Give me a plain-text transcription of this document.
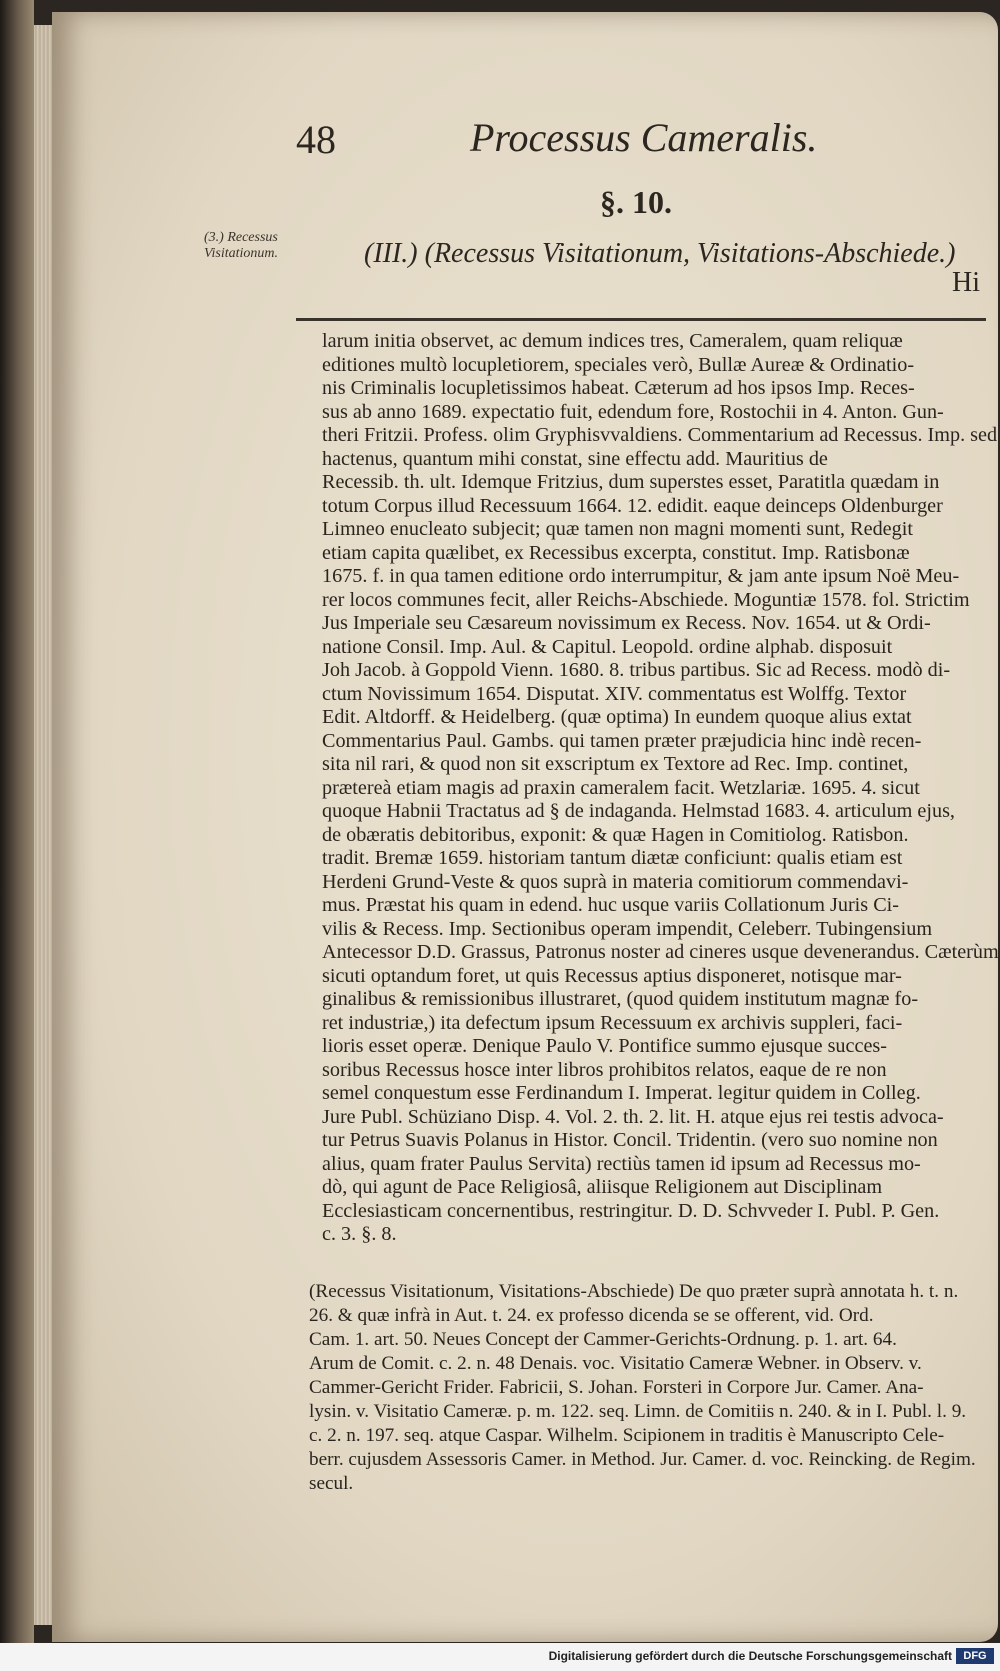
48	Processus Cameralis.
§. 10.
(3.) Recessus Visitationum.	(III.) (Recessus Visitationum, Visitations-Abschiede.)
Hi
larum initia observet, ac demum indices tres, Cameralem, quam reliquæ
editiones multò locupletiorem, speciales verò, Bullæ Aureæ & Ordinatio-
nis Criminalis locupletissimos habeat. Cæterum ad hos ipsos Imp. Reces-
sus ab anno 1689. expectatio fuit, edendum fore, Rostochii in 4. Anton. Gun-
theri Fritzii. Profess. olim Gryphisvvaldiens. Commentarium ad Recessus. Imp. sed
hactenus, quantum mihi constat, sine effectu add. Mauritius de
Recessib. th. ult. Idemque Fritzius, dum superstes esset, Paratitla quædam in
totum Corpus illud Recessuum 1664. 12. edidit. eaque deinceps Oldenburger
Limneo enucleato subjecit; quæ tamen non magni momenti sunt, Redegit
etiam capita quælibet, ex Recessibus excerpta, constitut. Imp. Ratisbonæ
1675. f. in qua tamen editione ordo interrumpitur, & jam ante ipsum Noë Meu-
rer locos communes fecit, aller Reichs-Abschiede. Moguntiæ 1578. fol. Strictim
Jus Imperiale seu Cæsareum novissimum ex Recess. Nov. 1654. ut & Ordi-
natione Consil. Imp. Aul. & Capitul. Leopold. ordine alphab. disposuit
Joh Jacob. à Goppold Vienn. 1680. 8. tribus partibus. Sic ad Recess. modò di-
ctum Novissimum 1654. Disputat. XIV. commentatus est Wolffg. Textor
Edit. Altdorff. & Heidelberg. (quæ optima) In eundem quoque alius extat
Commentarius Paul. Gambs. qui tamen præter præjudicia hinc indè recen-
sita nil rari, & quod non sit exscriptum ex Textore ad Rec. Imp. continet,
prætereà etiam magis ad praxin cameralem facit. Wetzlariæ. 1695. 4. sicut
quoque Habnii Tractatus ad § de indaganda. Helmstad 1683. 4. articulum ejus,
de obæratis debitoribus, exponit: & quæ Hagen in Comitiolog. Ratisbon.
tradit. Bremæ 1659. historiam tantum diætæ conficiunt: qualis etiam est
Herdeni Grund-Veste & quos suprà in materia comitiorum commendavi-
mus. Præstat his quam in edend. huc usque variis Collationum Juris Ci-
vilis & Recess. Imp. Sectionibus operam impendit, Celeberr. Tubingensium
Antecessor D.D. Grassus, Patronus noster ad cineres usque devenerandus. Cæterùm
sicuti optandum foret, ut quis Recessus aptius disponeret, notisque mar-
ginalibus & remissionibus illustraret, (quod quidem institutum magnæ fo-
ret industriæ,) ita defectum ipsum Recessuum ex archivis suppleri, faci-
lioris esset operæ. Denique Paulo V. Pontifice summo ejusque succes-
soribus Recessus hosce inter libros prohibitos relatos, eaque de re non
semel conquestum esse Ferdinandum I. Imperat. legitur quidem in Colleg.
Jure Publ. Schüziano Disp. 4. Vol. 2. th. 2. lit. H. atque ejus rei testis advoca-
tur Petrus Suavis Polanus in Histor. Concil. Tridentin. (vero suo nomine non
alius, quam frater Paulus Servita) rectiùs tamen id ipsum ad Recessus mo-
dò, qui agunt de Pace Religiosâ, aliisque Religionem aut Disciplinam
Ecclesiasticam concernentibus, restringitur. D. D. Schvveder I. Publ. P. Gen.
c. 3. §. 8.
(Recessus Visitationum, Visitations-Abschiede) De quo præter suprà annotata h. t. n.
26. & quæ infrà in Aut. t. 24. ex professo dicenda se se offerent, vid. Ord.
Cam. 1. art. 50. Neues Concept der Cammer-Gerichts-Ordnung. p. 1. art. 64.
Arum de Comit. c. 2. n. 48 Denais. voc. Visitatio Cameræ Webner. in Observ. v.
Cammer-Gericht Frider. Fabricii, S. Johan. Forsteri in Corpore Jur. Camer. Ana-
lysin. v. Visitatio Cameræ. p. m. 122. seq. Limn. de Comitiis n. 240. & in I. Publ. l. 9.
c. 2. n. 197. seq. atque Caspar. Wilhelm. Scipionem in traditis è Manuscripto Cele-
berr. cujusdem Assessoris Camer. in Method. Jur. Camer. d. voc. Reincking. de Regim.
secul.
Digitalisierung gefördert durch die Deutsche Forschungsgemeinschaft	DFG
